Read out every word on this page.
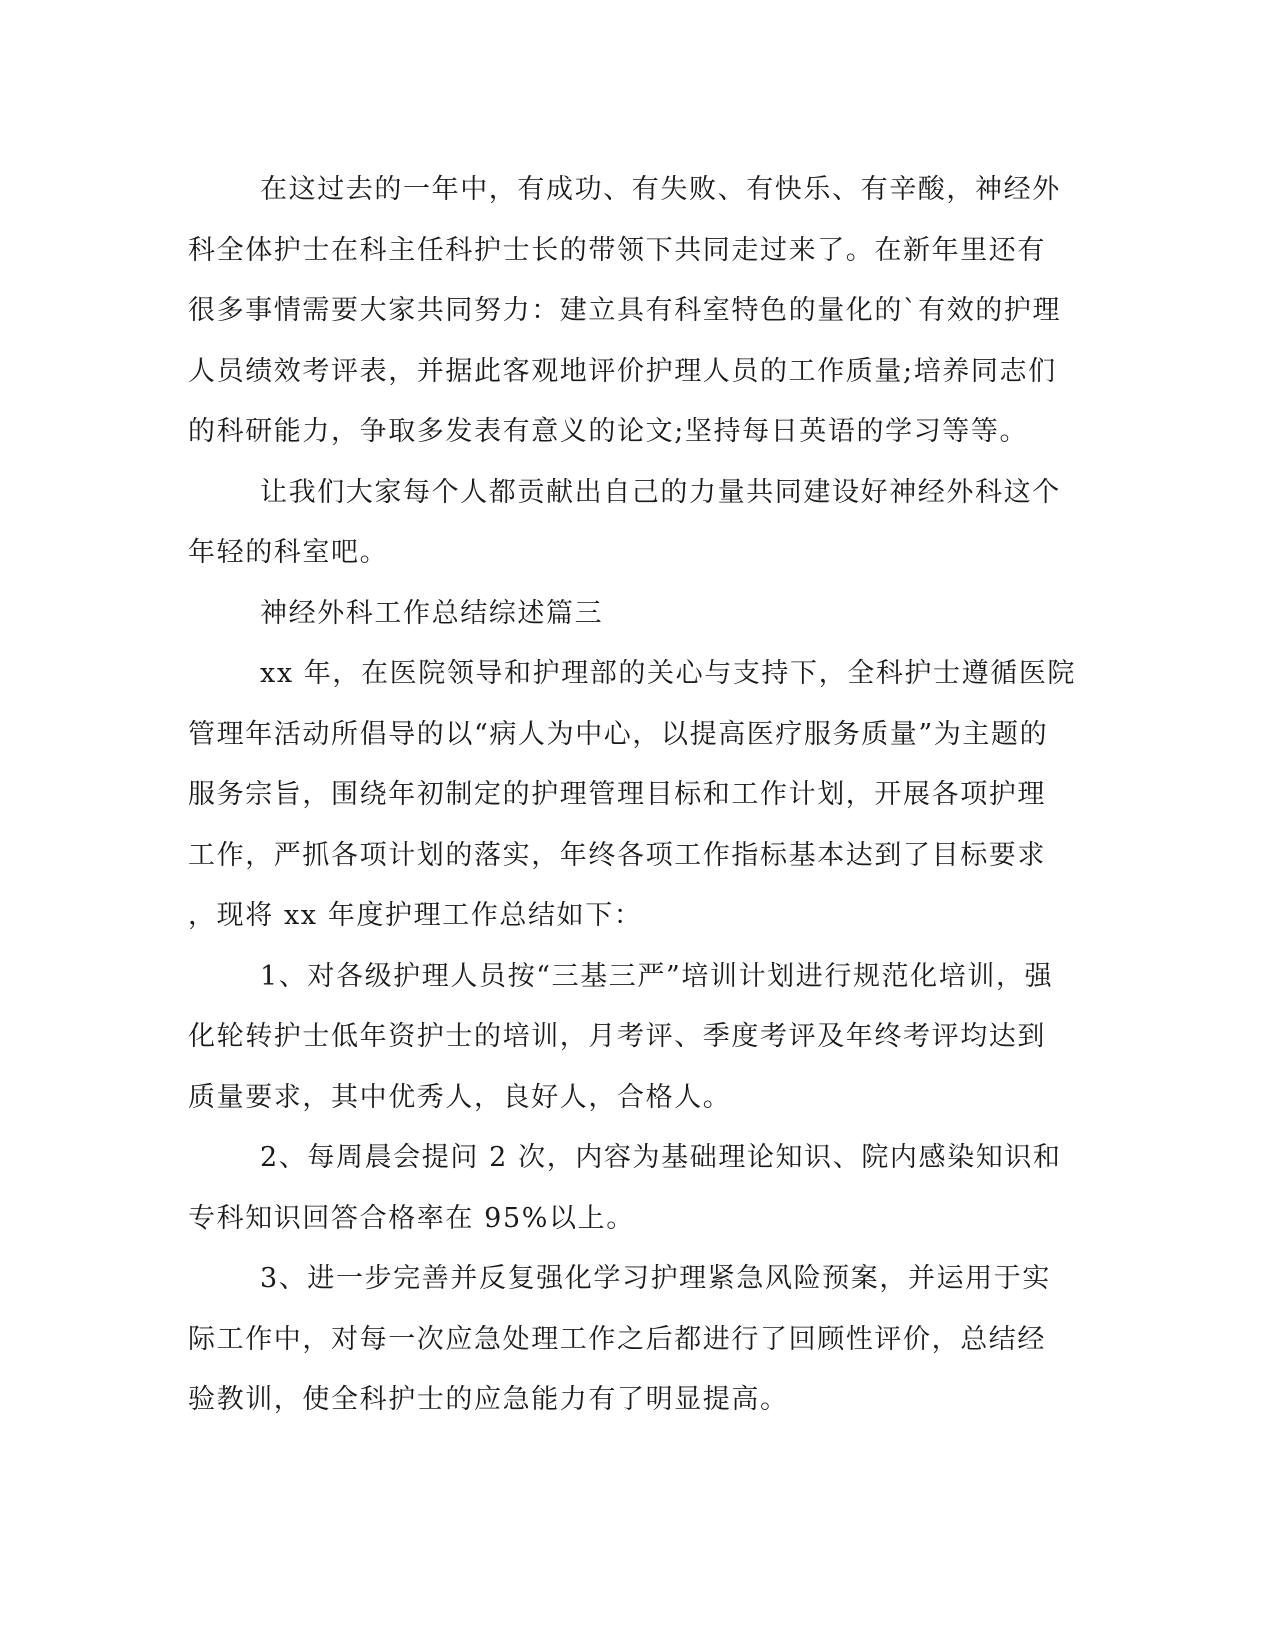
在这过去的一年中，有成功、有失败、有快乐、有辛酸，神经外
科全体护士在科主任科护士长的带领下共同走过来了。在新年里还有
很多事情需要大家共同努力：建立具有科室特色的量化的`有效的护理
人员绩效考评表，并据此客观地评价护理人员的工作质量;培养同志们
的科研能力，争取多发表有意义的论文;坚持每日英语的学习等等。
让我们大家每个人都贡献出自己的力量共同建设好神经外科这个
年轻的科室吧。
神经外科工作总结综述篇三
xx 年，在医院领导和护理部的关心与支持下，全科护士遵循医院
管理年活动所倡导的以“病人为中心，以提高医疗服务质量”为主题的
服务宗旨，围绕年初制定的护理管理目标和工作计划，开展各项护理
工作，严抓各项计划的落实，年终各项工作指标基本达到了目标要求
，现将 xx 年度护理工作总结如下：
1、对各级护理人员按“三基三严”培训计划进行规范化培训，强
化轮转护士低年资护士的培训，月考评、季度考评及年终考评均达到
质量要求，其中优秀人，良好人，合格人。
2、每周晨会提问 2 次，内容为基础理论知识、院内感染知识和
专科知识回答合格率在 95%以上。
3、进一步完善并反复强化学习护理紧急风险预案，并运用于实
际工作中，对每一次应急处理工作之后都进行了回顾性评价，总结经
验教训，使全科护士的应急能力有了明显提高。
